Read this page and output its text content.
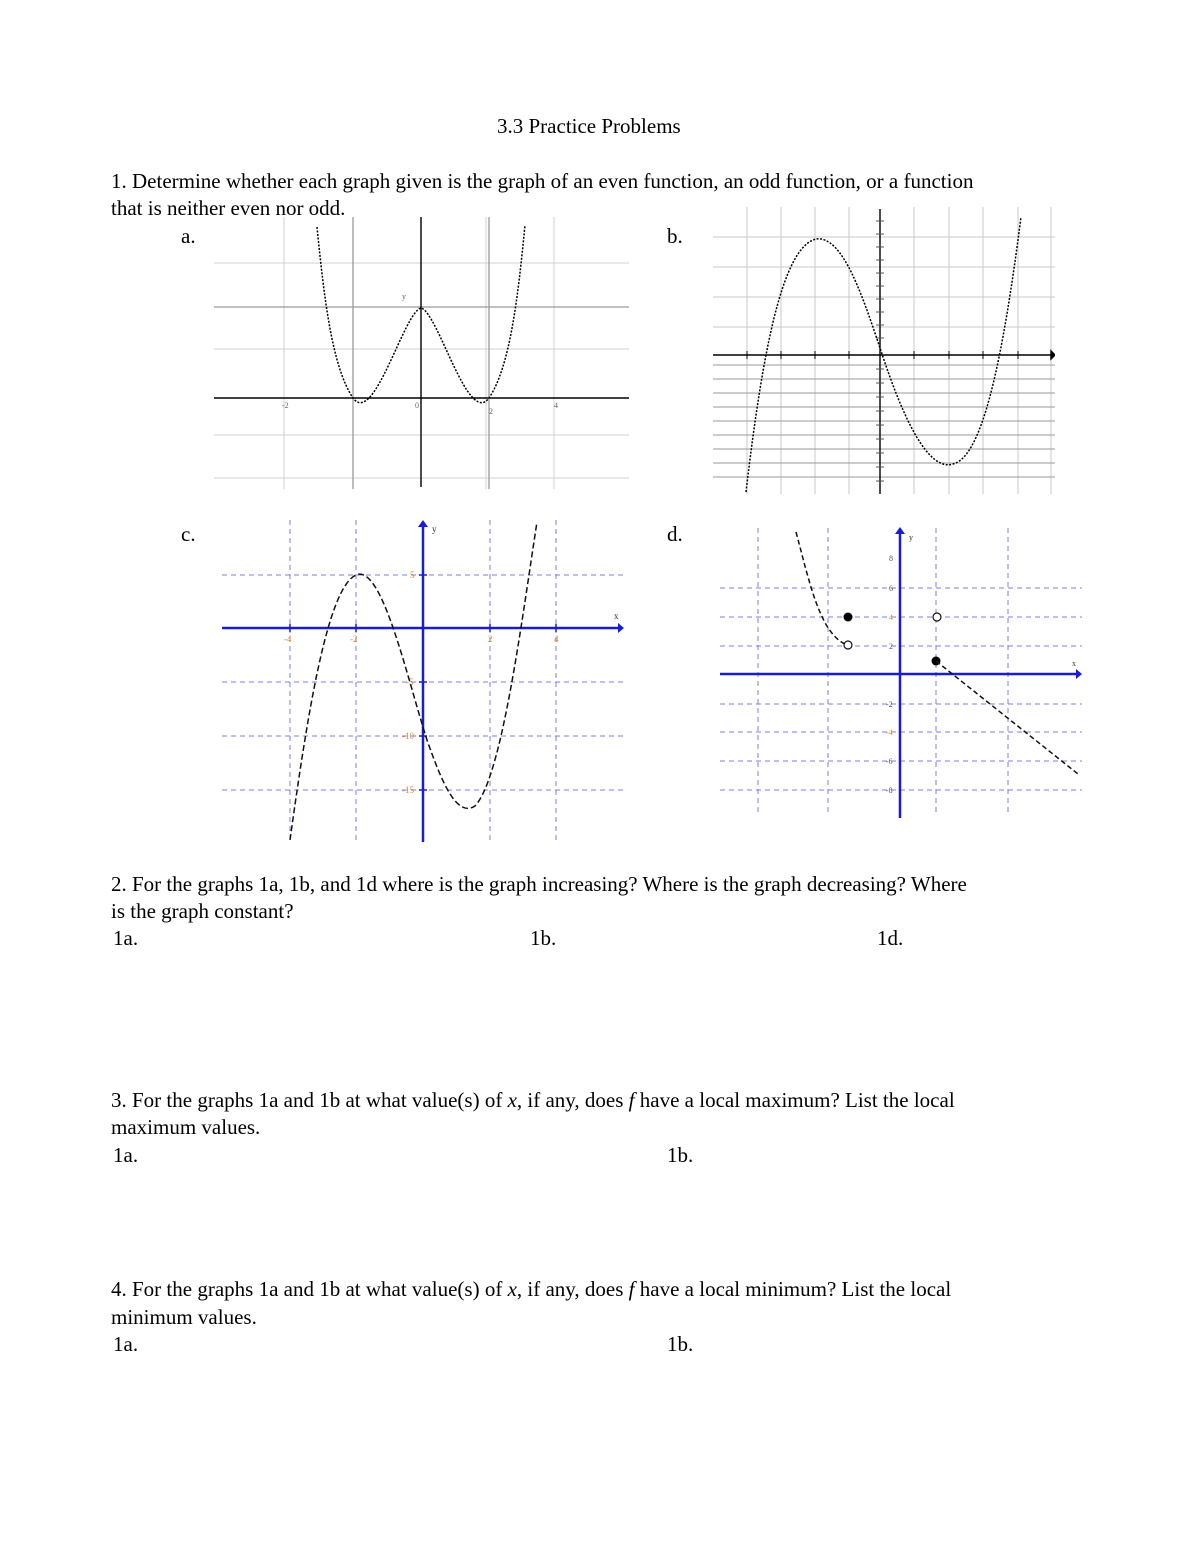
3.3 Practice Problems
1. Determine whether each graph given is the graph of an even function, an odd function, or a function
that is neither even nor odd.
a.	b.
c.	d.
y
-2	0
2
4
y
x
-4	-2	2	4
5
-5
-10
-15
y
x
8
6
4
2
-2
-4
-6
-8
2. For the graphs 1a, 1b, and 1d where is the graph increasing? Where is the graph decreasing? Where
is the graph constant?
1a.	1b.	1d.
3. For the graphs 1a and 1b at what value(s) of x, if any, does f have a local maximum? List the local
maximum values.
1a.	1b.
4. For the graphs 1a and 1b at what value(s) of x, if any, does f have a local minimum? List the local
minimum values.
1a.	1b.
